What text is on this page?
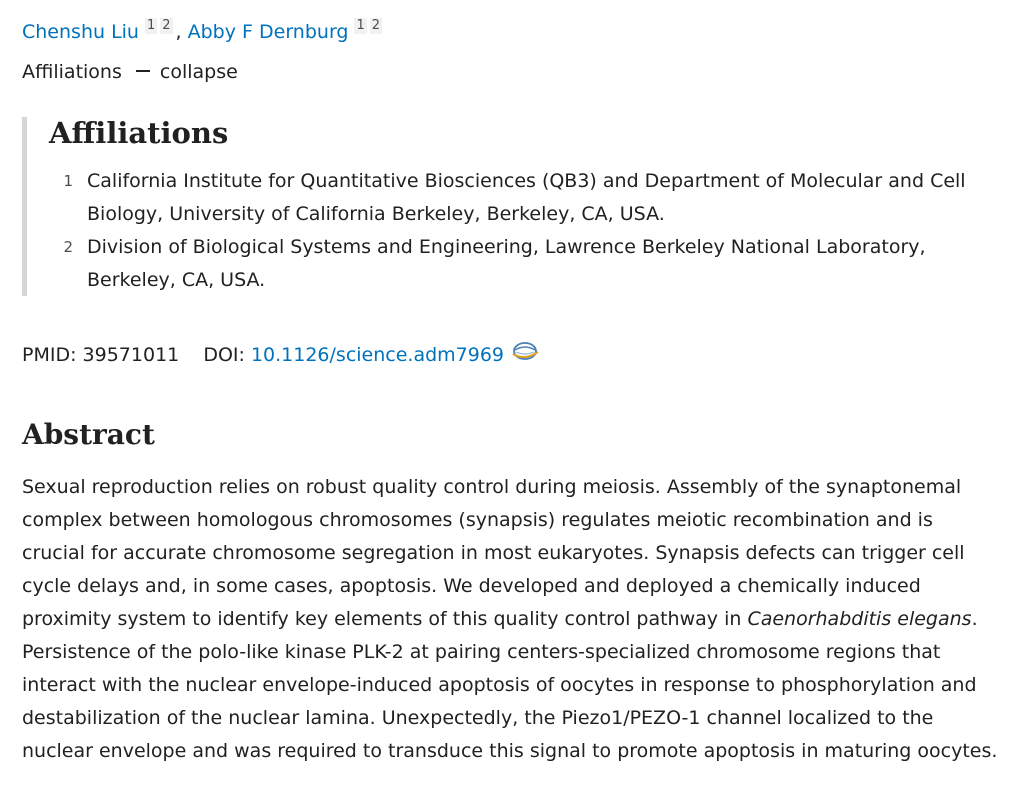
Chenshu Liu 1 2 , Abby F Dernburg 1 2
Affiliations collapse
Affiliations
1 California Institute for Quantitative Biosciences (QB3) and Department of Molecular and Cell Biology, University of California Berkeley, Berkeley, CA, USA.
2 Division of Biological Systems and Engineering, Lawrence Berkeley National Laboratory, Berkeley, CA, USA.
PMID: 39571011 DOI: 10.1126/science.adm7969
Abstract

Sexual reproduction relies on robust quality control during meiosis. Assembly of the synaptonemal complex between homologous chromosomes (synapsis) regulates meiotic recombination and is crucial for accurate chromosome segregation in most eukaryotes. Synapsis defects can trigger cell cycle delays and, in some cases, apoptosis. We developed and deployed a chemically induced proximity system to identify key elements of this quality control pathway in Caenorhabditis elegans. Persistence of the polo-like kinase PLK-2 at pairing centers-specialized chromosome regions that interact with the nuclear envelope-induced apoptosis of oocytes in response to phosphorylation and destabilization of the nuclear lamina. Unexpectedly, the Piezo1/PEZO-1 channel localized to the nuclear envelope and was required to transduce this signal to promote apoptosis in maturing oocytes.
